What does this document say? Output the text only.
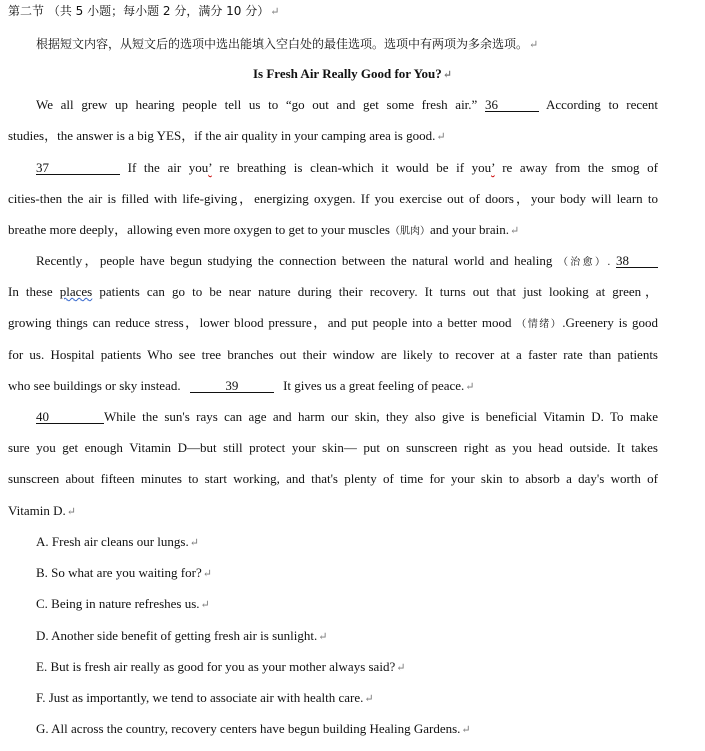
第二节 （共 5 小题；每小题 2 分，满分 10 分）↵
根据短文内容，从短文后的选项中选出能填入空白处的最佳选项。选项中有两项为多余选项。↵
Is Fresh Air Really Good for You?↵
We all grew up hearing people tell us to “go out and get some fresh air.” 36	According to recent
studies，the answer is a big YES，if the air quality in your camping area is good.↵
37	If the air you’ re breathing is clean-which it would be if you’ re away from the smog of
cities-then the air is filled with life-giving，energizing oxygen. If you exercise out of doors，your body will learn to
breathe more deeply，allowing even more oxygen to get to your muscles（肌肉）and your brain.↵
Recently，people have begun studying the connection between the natural world and healing （治愈）. 38
In these places patients can go to be near nature during their recovery. It turns out that just looking at green，
growing things can reduce stress，lower blood pressure，and put people into a better mood （情绪）.Greenery is good
for us. Hospital patients Who see tree branches out their window are likely to recover at a faster rate than patients
who see buildings or sky instead.	39	It gives us a great feeling of peace.↵
40	While the sun's rays can age and harm our skin, they also give is beneficial Vitamin D. To make
sure you get enough Vitamin D—but still protect your skin— put on sunscreen right as you head outside. It takes
sunscreen about fifteen minutes to start working, and that's plenty of time for your skin to absorb a day's worth of
Vitamin D.↵
A. Fresh air cleans our lungs.↵
B. So what are you waiting for?↵
C. Being in nature refreshes us.↵
D. Another side benefit of getting fresh air is sunlight.↵
E. But is fresh air really as good for you as your mother always said?↵
F. Just as importantly, we tend to associate air with health care.↵
G. All across the country, recovery centers have begun building Healing Gardens.↵
